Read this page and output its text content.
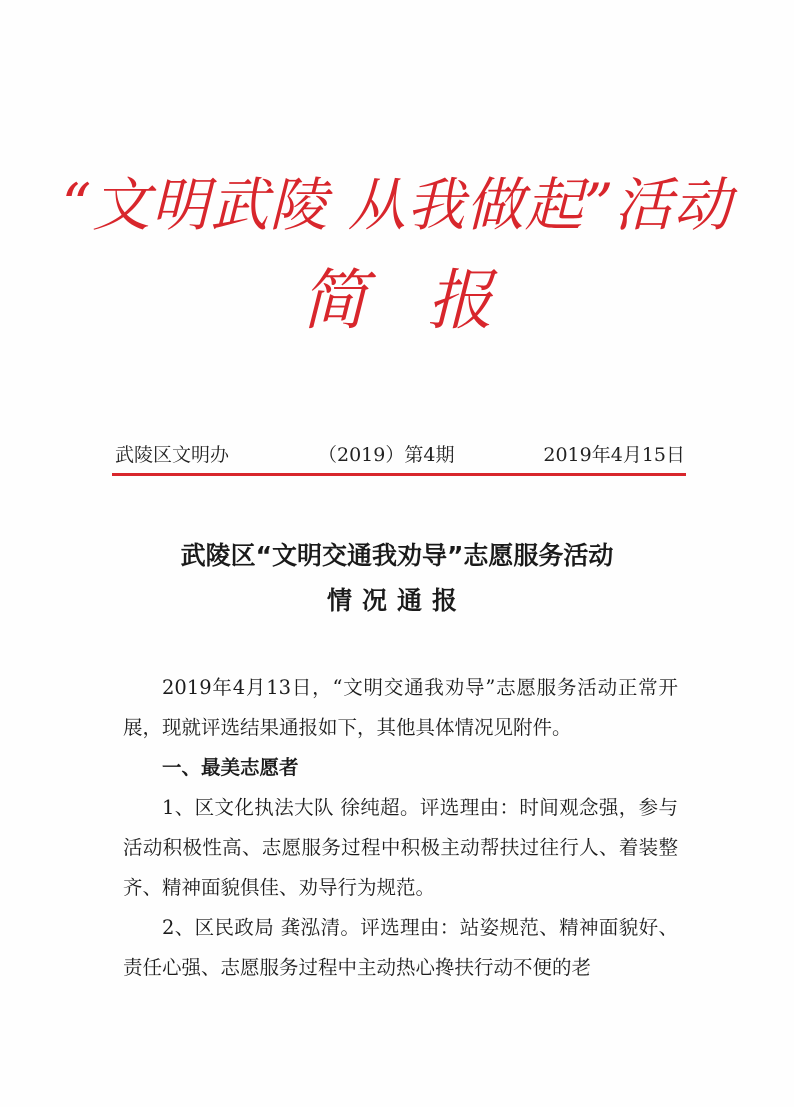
“文明武陵 从我做起”活动
简报
武陵区文明办	（2019）第4期	2019年4月15日
武陵区“文明交通我劝导”志愿服务活动
情况通报

2019年4月13日，“文明交通我劝导”志愿服务活动正常开展，现就评选结果通报如下，其他具体情况见附件。

一、最美志愿者

1、区文化执法大队 徐纯超。评选理由：时间观念强，参与活动积极性高、志愿服务过程中积极主动帮扶过往行人、着装整齐、精神面貌俱佳、劝导行为规范。

2、区民政局 龚泓清。评选理由：站姿规范、精神面貌好、责任心强、志愿服务过程中主动热心搀扶行动不便的老
